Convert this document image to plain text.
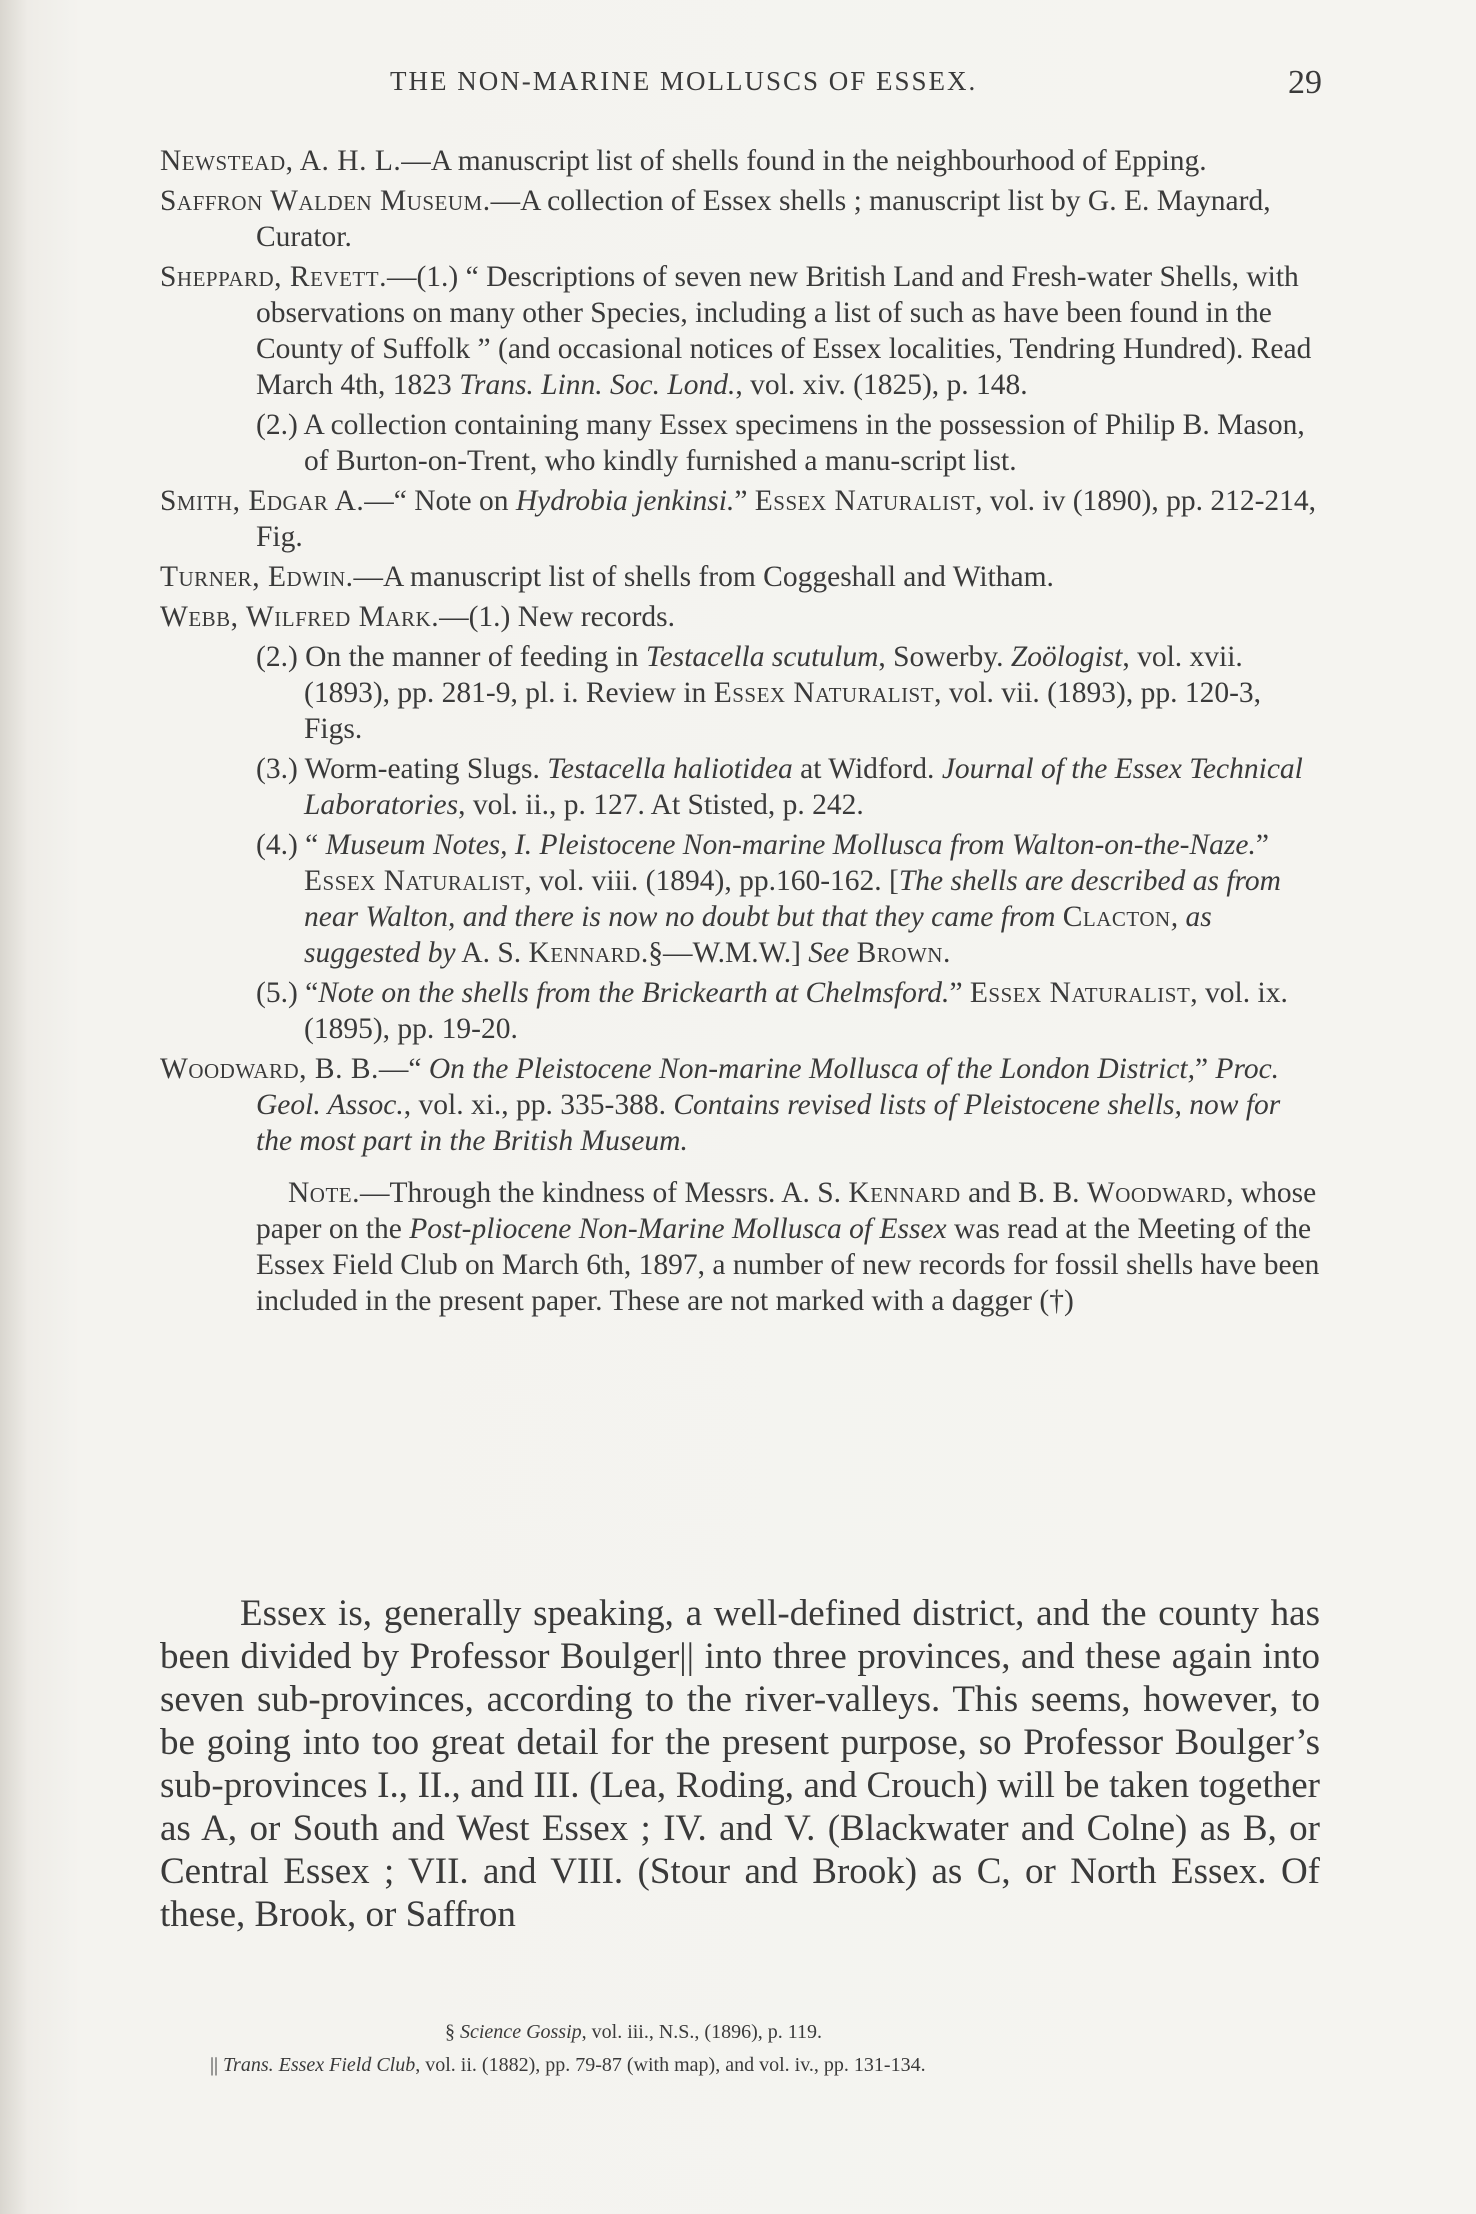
THE NON-MARINE MOLLUSCS OF ESSEX.	29
Newstead, A. H. L.—A manuscript list of shells found in the neighbourhood of Epping.
Saffron Walden Museum.—A collection of Essex shells ; manuscript list by G. E. Maynard, Curator.
Sheppard, Revett.—(1.) “ Descriptions of seven new British Land and Fresh-water Shells, with observations on many other Species, including a list of such as have been found in the County of Suffolk ” (and occasional notices of Essex localities, Tendring Hundred). Read March 4th, 1823 Trans. Linn. Soc. Lond., vol. xiv. (1825), p. 148.
(2.) A collection containing many Essex specimens in the possession of Philip B. Mason, of Burton-on-Trent, who kindly furnished a manu-script list.
Smith, Edgar A.—“ Note on Hydrobia jenkinsi.” Essex Naturalist, vol. iv (1890), pp. 212-214, Fig.
Turner, Edwin.—A manuscript list of shells from Coggeshall and Witham.
Webb, Wilfred Mark.—(1.) New records.
(2.) On the manner of feeding in Testacella scutulum, Sowerby. Zoölogist, vol. xvii. (1893), pp. 281-9, pl. i. Review in Essex Naturalist, vol. vii. (1893), pp. 120-3, Figs.
(3.) Worm-eating Slugs. Testacella haliotidea at Widford. Journal of the Essex Technical Laboratories, vol. ii., p. 127. At Stisted, p. 242.
(4.) “ Museum Notes, I. Pleistocene Non-marine Mollusca from Walton-on-the-Naze.” Essex Naturalist, vol. viii. (1894), pp.160-162. [The shells are described as from near Walton, and there is now no doubt but that they came from Clacton, as suggested by A. S. Kennard.§—W.M.W.] See Brown.
(5.) “Note on the shells from the Brickearth at Chelmsford.” Essex Naturalist, vol. ix. (1895), pp. 19-20.
Woodward, B. B.—“ On the Pleistocene Non-marine Mollusca of the London District,” Proc. Geol. Assoc., vol. xi., pp. 335-388. Contains revised lists of Pleistocene shells, now for the most part in the British Museum.
Note.—Through the kindness of Messrs. A. S. Kennard and B. B. Woodward, whose paper on the Post-pliocene Non-Marine Mollusca of Essex was read at the Meeting of the Essex Field Club on March 6th, 1897, a number of new records for fossil shells have been included in the present paper. These are not marked with a dagger (†)

Essex is, generally speaking, a well-defined district, and the county has been divided by Professor Boulger|| into three provinces, and these again into seven sub-provinces, according to the river-valleys. This seems, however, to be going into too great detail for the present purpose, so Professor Boulger’s sub-provinces I., II., and III. (Lea, Roding, and Crouch) will be taken together as A, or South and West Essex ; IV. and V. (Blackwater and Colne) as B, or Central Essex ; VII. and VIII. (Stour and Brook) as C, or North Essex. Of these, Brook, or Saffron

§ Science Gossip, vol. iii., N.S., (1896), p. 119.
|| Trans. Essex Field Club, vol. ii. (1882), pp. 79-87 (with map), and vol. iv., pp. 131-134.
